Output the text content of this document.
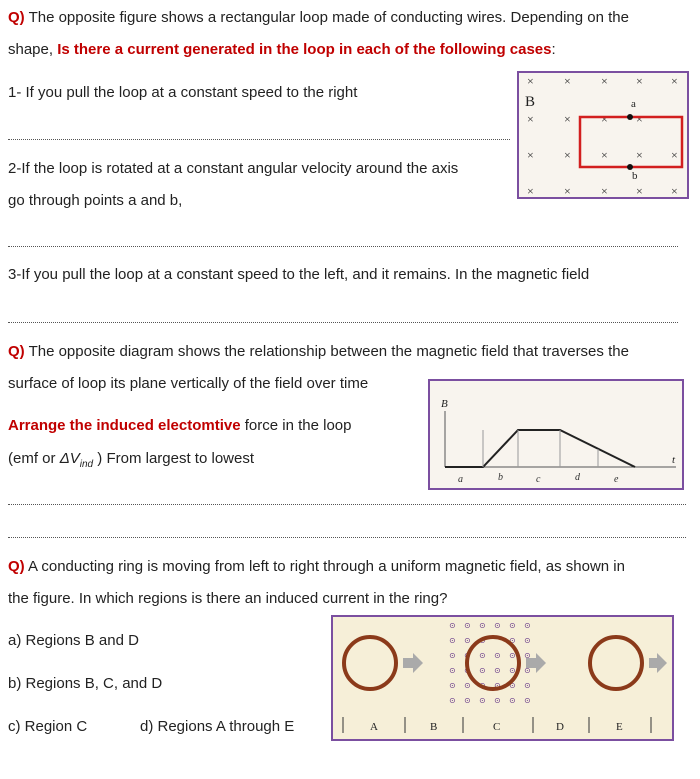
Q) The opposite figure shows a rectangular loop made of conducting wires. Depending on the
shape, Is there a current generated in the loop in each of the following cases:
1- If you pull the loop at a constant speed to the right
2-If the loop is rotated at a constant angular velocity around the axis
go through points a and b,
3-If you pull the loop at a constant speed to the left, and it remains. In the magnetic field
×	×	× × ×
×	×	× ×
×	×	× × ×
×	×	× × ×
B	a
b
Q) The opposite diagram shows the relationship between the magnetic field that traverses the
surface of loop its plane vertically of the field over time
Arrange the induced electomtive force in the loop
(emf or $\Delta V_{ind}$ ) From largest to lowest
B
t
a	b	c	d	e
Q) A conducting ring is moving from left to right through a uniform magnetic field, as shown in
the figure. In which regions is there an induced current in the ring?
a) Regions B and D
b) Regions B, C, and D
c) Region C	d) Regions A through E
⊙ ⊙ ⊙ ⊙ ⊙ ⊙
⊙ ⊙ ⊙	⊙ ⊙
⊙ ⊙ ⊙ ⊙ ⊙ ⊙
⊙ ⊙ ⊙ ⊙ ⊙ ⊙
⊙ ⊙ ⊙ ⊙ ⊙ ⊙
⊙ ⊙ ⊙ ⊙ ⊙ ⊙
A	B	C	D	E
